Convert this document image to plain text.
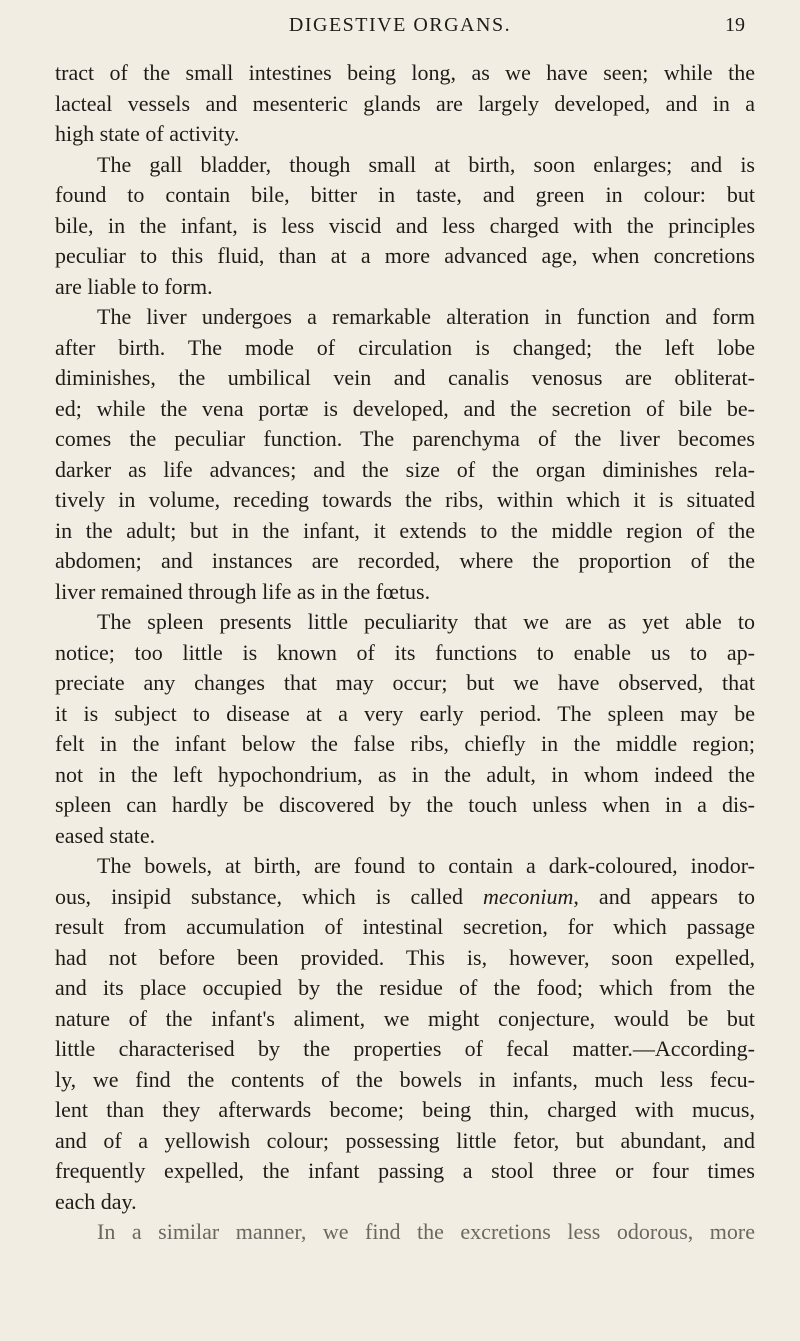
DIGESTIVE ORGANS.	19
tract of the small intestines being long, as we have seen; while the
lacteal vessels and mesenteric glands are largely developed, and in a
high state of activity.
The gall bladder, though small at birth, soon enlarges; and is
found to contain bile, bitter in taste, and green in colour: but
bile, in the infant, is less viscid and less charged with the principles
peculiar to this fluid, than at a more advanced age, when concretions
are liable to form.
The liver undergoes a remarkable alteration in function and form
after birth. The mode of circulation is changed; the left lobe
diminishes, the umbilical vein and canalis venosus are obliterat-
ed; while the vena portæ is developed, and the secretion of bile be-
comes the peculiar function. The parenchyma of the liver becomes
darker as life advances; and the size of the organ diminishes rela-
tively in volume, receding towards the ribs, within which it is situated
in the adult; but in the infant, it extends to the middle region of the
abdomen; and instances are recorded, where the proportion of the
liver remained through life as in the fœtus.
The spleen presents little peculiarity that we are as yet able to
notice; too little is known of its functions to enable us to ap-
preciate any changes that may occur; but we have observed, that
it is subject to disease at a very early period. The spleen may be
felt in the infant below the false ribs, chiefly in the middle region;
not in the left hypochondrium, as in the adult, in whom indeed the
spleen can hardly be discovered by the touch unless when in a dis-
eased state.
The bowels, at birth, are found to contain a dark-coloured, inodor-
ous, insipid substance, which is called meconium, and appears to
result from accumulation of intestinal secretion, for which passage
had not before been provided. This is, however, soon expelled,
and its place occupied by the residue of the food; which from the
nature of the infant's aliment, we might conjecture, would be but
little characterised by the properties of fecal matter.—According-
ly, we find the contents of the bowels in infants, much less fecu-
lent than they afterwards become; being thin, charged with mucus,
and of a yellowish colour; possessing little fetor, but abundant, and
frequently expelled, the infant passing a stool three or four times
each day.
In a similar manner, we find the excretions less odorous, more
